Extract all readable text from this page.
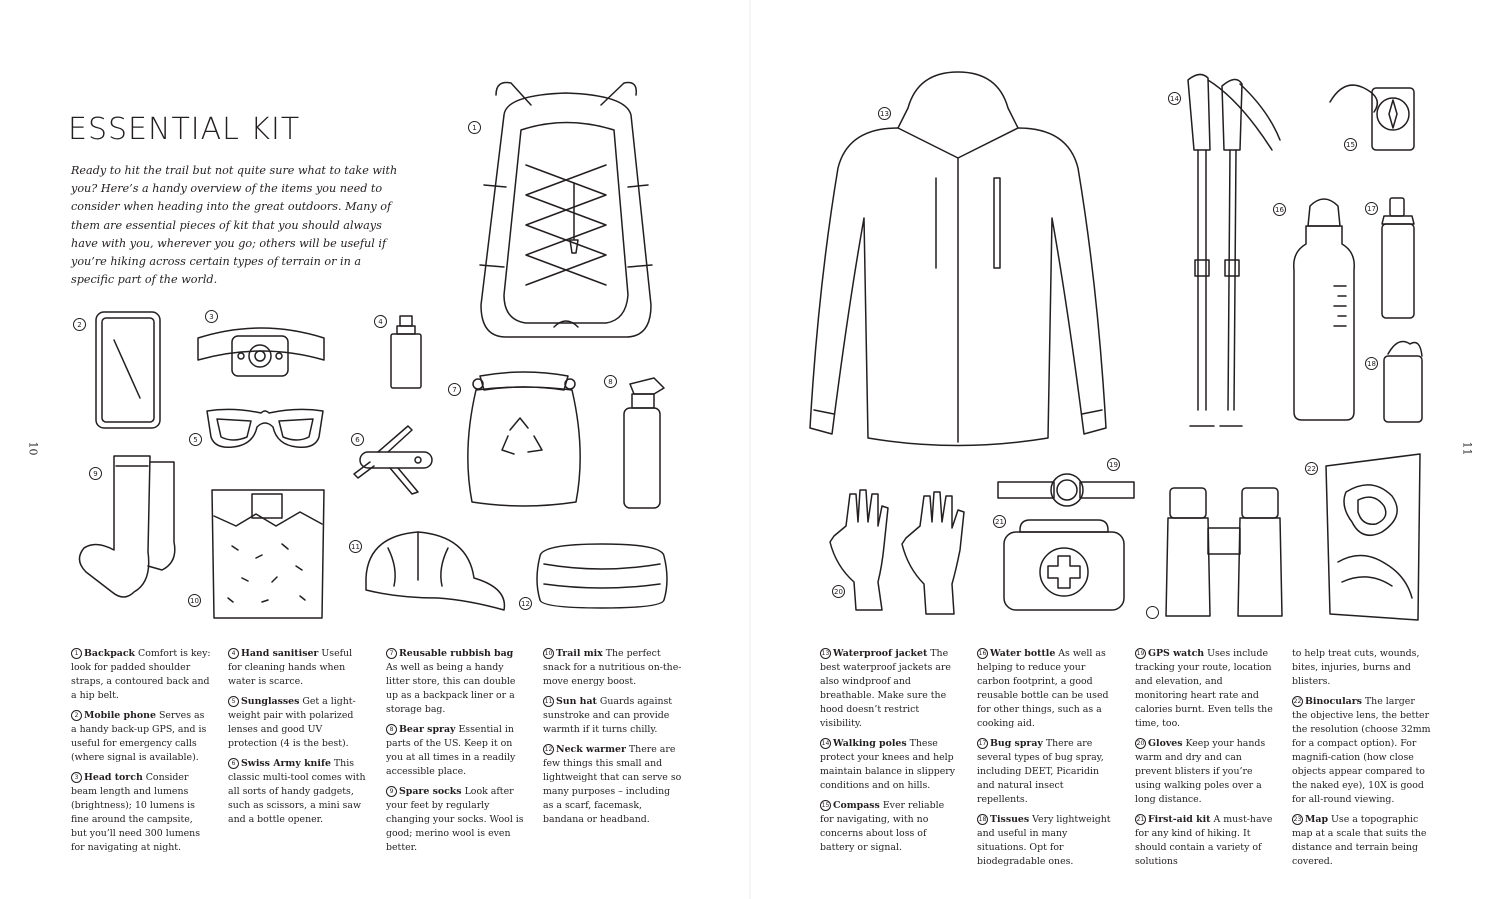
ESSENTIAL KIT
Ready to hit the trail but not quite sure what to take with you? Here’s a handy overview of the items you need to consider when heading into the great outdoors. Many of them are essential pieces of kit that you should always have with you, wherever you go; others will be useful if you’re hiking across certain types of terrain or in a specific part of the world.
10
1
2
3
4
5	6
7
8
9
10
11
12

1 Backpack Comfort is key: look for padded shoulder straps, a contoured back and a hip belt.

2 Mobile phone Serves as a handy back-up GPS, and is useful for emergency calls (where signal is available).

3 Head torch Consider beam length and lumens (brightness); 10 lumens is fine around the campsite, but you’ll need 300 lumens for navigating at night.

4 Hand sanitiser Useful for cleaning hands when water is scarce.

5 Sunglasses Get a light-weight pair with polarized lenses and good UV protection (4 is the best).

6 Swiss Army knife This classic multi-tool comes with all sorts of handy gadgets, such as scissors, a mini saw and a bottle opener.

7 Reusable rubbish bag As well as being a handy litter store, this can double up as a backpack liner or a storage bag.

8 Bear spray Essential in parts of the US. Keep it on you at all times in a readily accessible place.

9 Spare socks Look after your feet by regularly changing your socks. Wool is good; merino wool is even better.

10 Trail mix The perfect snack for a nutritious on-the-move energy boost.

11 Sun hat Guards against sunstroke and can provide warmth if it turns chilly.

12 Neck warmer There are few things this small and lightweight that can serve so many purposes – including as a scarf, facemask, bandana or headband.

11
13
14
15
16	17
18
19
20
21
22

13 Waterproof jacket The best waterproof jackets are also windproof and breathable. Make sure the hood doesn’t restrict visibility.

14 Walking poles These protect your knees and help maintain balance in slippery conditions and on hills.

15 Compass Ever reliable for navigating, with no concerns about loss of battery or signal.

16 Water bottle As well as helping to reduce your carbon footprint, a good reusable bottle can be used for other things, such as a cooking aid.

17 Bug spray There are several types of bug spray, including DEET, Picaridin and natural insect repellents.

18 Tissues Very lightweight and useful in many situations. Opt for biodegradable ones.

19 GPS watch Uses include tracking your route, location and elevation, and monitoring heart rate and calories burnt. Even tells the time, too.

20 Gloves Keep your hands warm and dry and can prevent blisters if you’re using walking poles over a long distance.

21 First-aid kit A must-have for any kind of hiking. It should contain a variety of solutions

to help treat cuts, wounds, bites, injuries, burns and blisters.

22 Binoculars The larger the objective lens, the better the resolution (choose 32mm for a compact option). For magnifi-cation (how close objects appear compared to the naked eye), 10X is good for all-round viewing.

23 Map Use a topographic map at a scale that suits the distance and terrain being covered.
